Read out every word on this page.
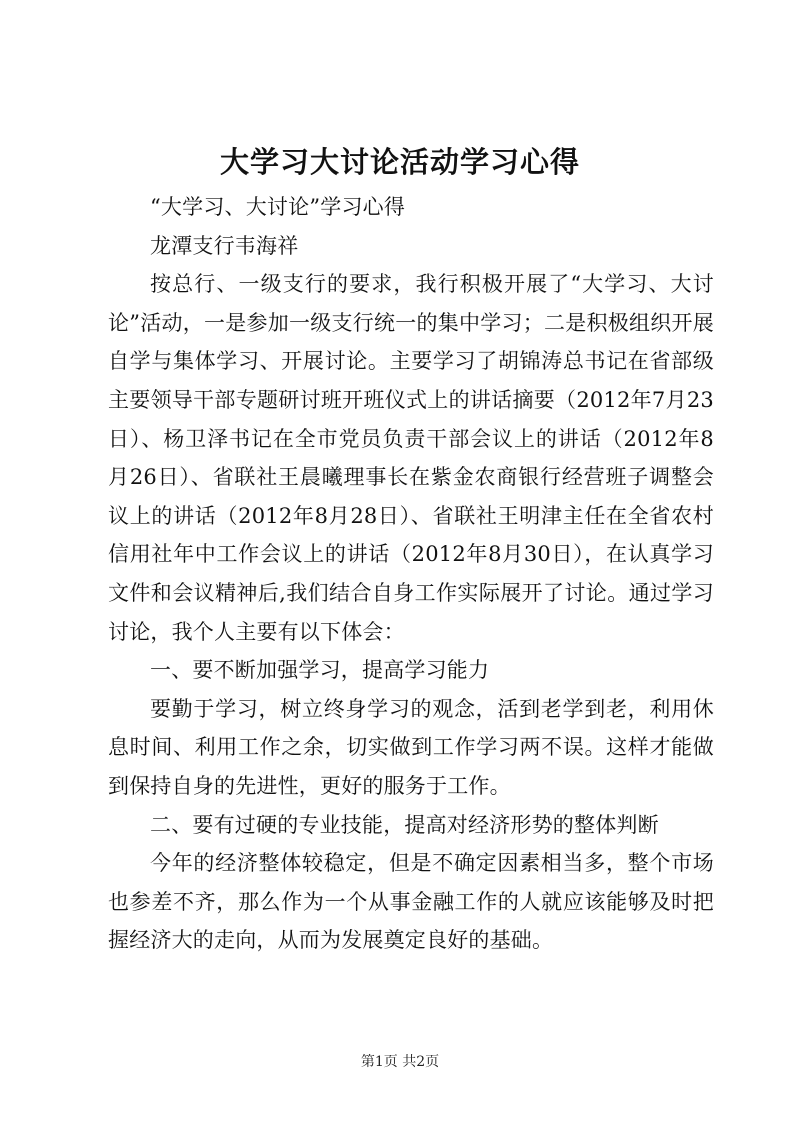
大学习大讨论活动学习心得

“大学习、大讨论”学习心得

龙潭支行韦海祥

按总行、一级支行的要求，我行积极开展了“大学习、大讨论”活动，一是参加一级支行统一的集中学习；二是积极组织开展自学与集体学习、开展讨论。主要学习了胡锦涛总书记在省部级主要领导干部专题研讨班开班仪式上的讲话摘要（2012年7月23日）、杨卫泽书记在全市党员负责干部会议上的讲话（2012年8月26日）、省联社王晨曦理事长在紫金农商银行经营班子调整会议上的讲话（2012年8月28日）、省联社王明津主任在全省农村信用社年中工作会议上的讲话（2012年8月30日），在认真学习文件和会议精神后,我们结合自身工作实际展开了讨论。通过学习讨论，我个人主要有以下体会：

一、要不断加强学习，提高学习能力

要勤于学习，树立终身学习的观念，活到老学到老，利用休息时间、利用工作之余，切实做到工作学习两不误。这样才能做到保持自身的先进性，更好的服务于工作。

二、要有过硬的专业技能，提高对经济形势的整体判断

今年的经济整体较稳定，但是不确定因素相当多，整个市场也参差不齐，那么作为一个从事金融工作的人就应该能够及时把握经济大的走向，从而为发展奠定良好的基础。

第1页 共2页
